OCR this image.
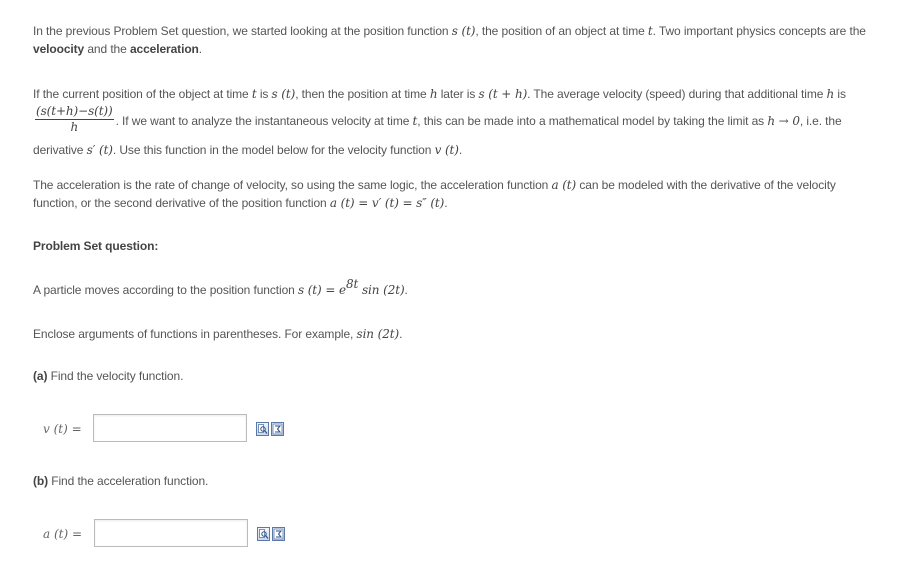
In the previous Problem Set question, we started looking at the position function s (t), the position of an object at time t. Two important physics concepts are the veloocity and the acceleration.
If the current position of the object at time t is s (t), then the position at time h later is s (t + h). The average velocity (speed) during that additional time h is
$\frac{(s(t+h)-s(t))}{h}$ . If we want to analyze the instantaneous velocity at time t, this can be made into a mathematical model by taking the limit as h → 0, i.e. the derivative s′ (t). Use this function in the model below for the velocity function v (t).
The acceleration is the rate of change of velocity, so using the same logic, the acceleration function a (t) can be modeled with the derivative of the velocity function, or the second derivative of the position function a (t) = v′ (t) = s″ (t).
Problem Set question:
A particle moves according to the position function s $(t) = e^{8t}$ sin (2t).
Enclose arguments of functions in parentheses. For example, sin (2t).
(a) Find the velocity function.
v (t) =
(b) Find the acceleration function.
a (t) =
